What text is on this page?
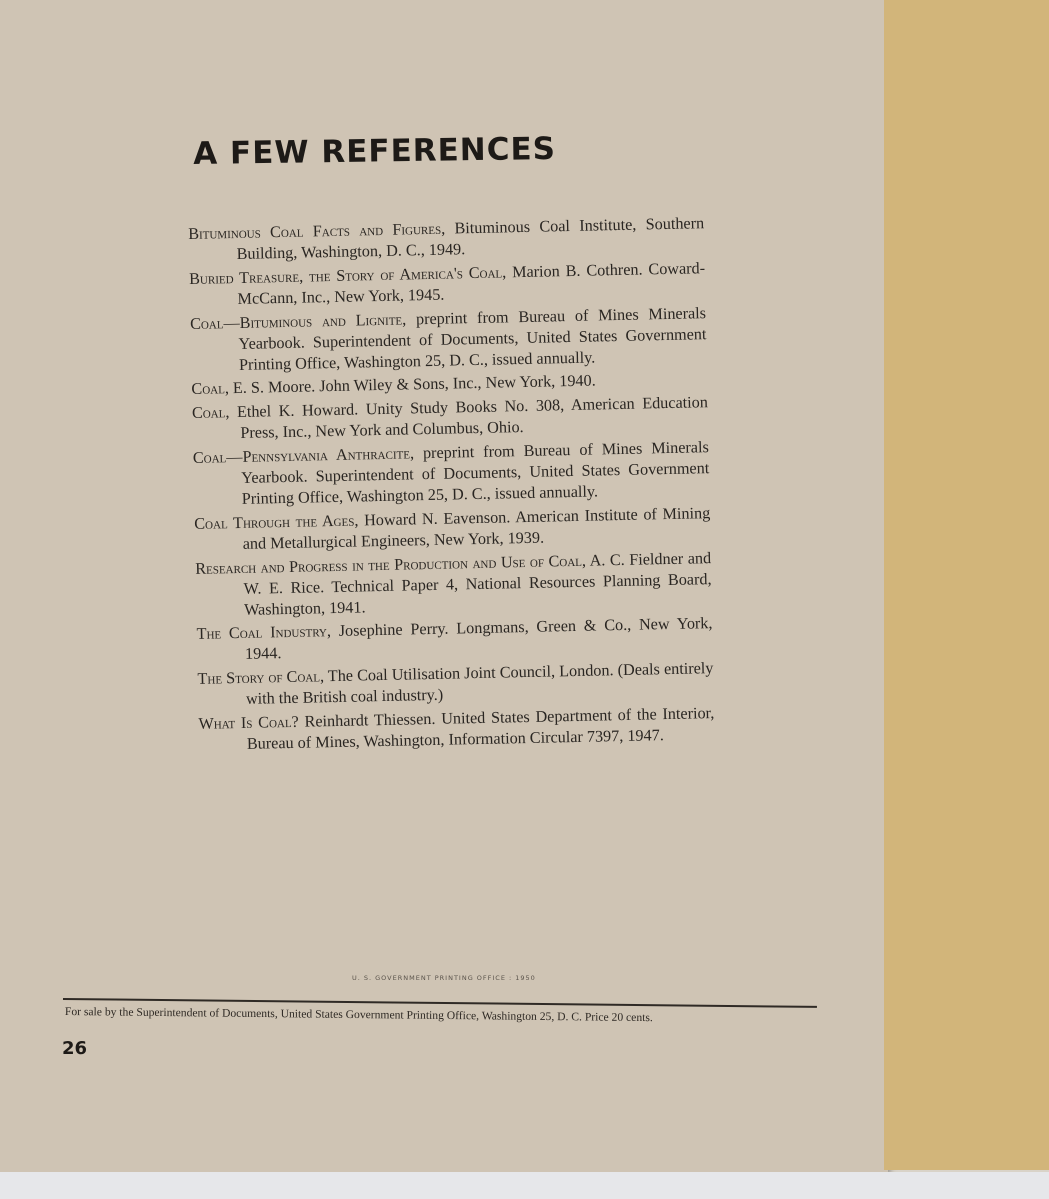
A FEW REFERENCES

Bituminous Coal Facts and Figures, Bituminous Coal Institute, Southern Building, Washington, D. C., 1949.

Buried Treasure, the Story of America's Coal, Marion B. Cothren. Coward-McCann, Inc., New York, 1945.

Coal—Bituminous and Lignite, preprint from Bureau of Mines Minerals Yearbook. Superintendent of Documents, United States Government Printing Office, Washington 25, D. C., issued annually.

Coal, E. S. Moore. John Wiley & Sons, Inc., New York, 1940.

Coal, Ethel K. Howard. Unity Study Books No. 308, American Education Press, Inc., New York and Columbus, Ohio.

Coal—Pennsylvania Anthracite, preprint from Bureau of Mines Minerals Yearbook. Superintendent of Documents, United States Government Printing Office, Washington 25, D. C., issued annually.

Coal Through the Ages, Howard N. Eavenson. American Institute of Mining and Metallurgical Engineers, New York, 1939.

Research and Progress in the Production and Use of Coal, A. C. Fieldner and W. E. Rice. Technical Paper 4, National Resources Planning Board, Washington, 1941.

The Coal Industry, Josephine Perry. Longmans, Green & Co., New York, 1944.

The Story of Coal, The Coal Utilisation Joint Council, London. (Deals entirely with the British coal industry.)

What Is Coal? Reinhardt Thiessen. United States Department of the Interior, Bureau of Mines, Washington, Information Circular 7397, 1947.

U. S. GOVERNMENT PRINTING OFFICE : 1950
For sale by the Superintendent of Documents, United States Government Printing Office, Washington 25, D. C. Price 20 cents.
26
